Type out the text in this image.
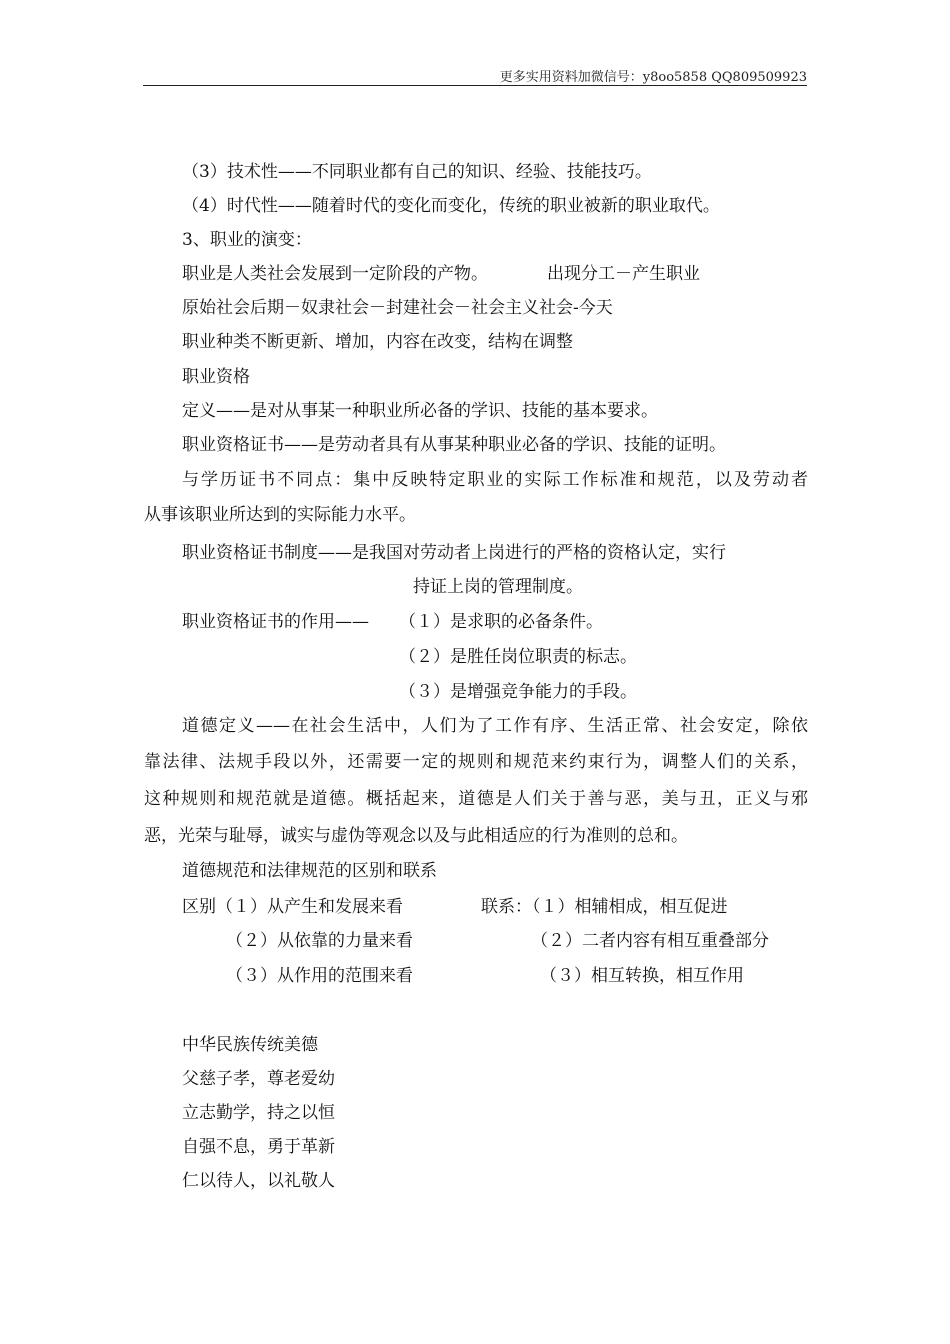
更多实用资料加微信号：y8oo5858 QQ809509923
（3）技术性——不同职业都有自己的知识、经验、技能技巧。
（4）时代性——随着时代的变化而变化，传统的职业被新的职业取代。
3、职业的演变：
职业是人类社会发展到一定阶段的产物。	出现分工－产生职业
原始社会后期－奴隶社会－封建社会－社会主义社会-今天
职业种类不断更新、增加，内容在改变，结构在调整
职业资格
定义——是对从事某一种职业所必备的学识、技能的基本要求。
职业资格证书——是劳动者具有从事某种职业必备的学识、技能的证明。
与学历证书不同点：集中反映特定职业的实际工作标准和规范，以及劳动者
从事该职业所达到的实际能力水平。
职业资格证书制度——是我国对劳动者上岗进行的严格的资格认定，实行
持证上岗的管理制度。
职业资格证书的作用—— （１）是求职的必备条件。
（２）是胜任岗位职责的标志。
（３）是增强竞争能力的手段。
道德定义——在社会生活中，人们为了工作有序、生活正常、社会安定，除依
靠法律、法规手段以外，还需要一定的规则和规范来约束行为，调整人们的关系，
这种规则和规范就是道德。概括起来，道德是人们关于善与恶，美与丑，正义与邪
恶，光荣与耻辱，诚实与虚伪等观念以及与此相适应的行为准则的总和。
道德规范和法律规范的区别和联系
区别（１）从产生和发展来看	联系：（１）相辅相成，相互促进
（２）从依靠的力量来看	（２）二者内容有相互重叠部分
（３）从作用的范围来看	（３）相互转换，相互作用
中华民族传统美德
父慈子孝，尊老爱幼
立志勤学，持之以恒
自强不息，勇于革新
仁以待人，以礼敬人
